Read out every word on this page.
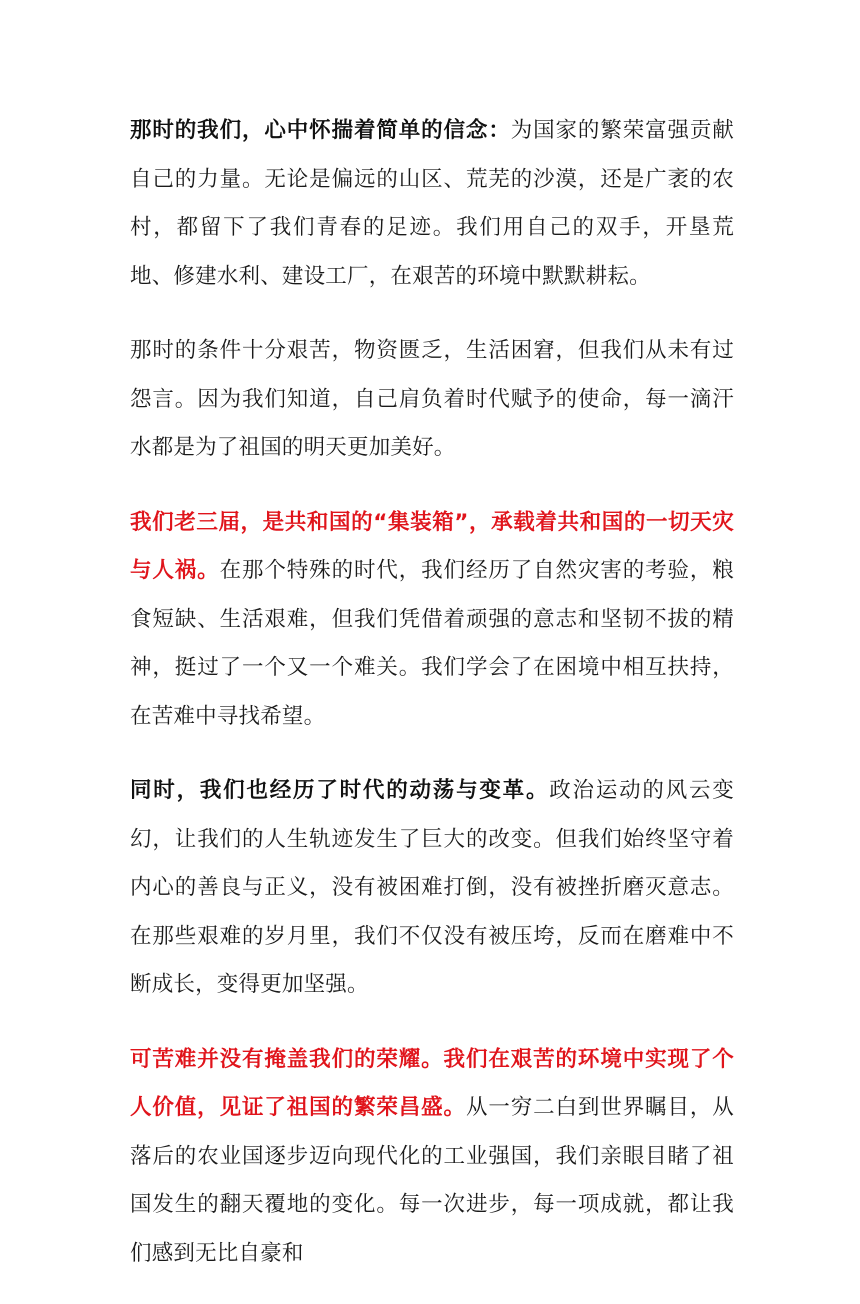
那时的我们，心中怀揣着简单的信念：为国家的繁荣富强贡献自己的力量。无论是偏远的山区、荒芜的沙漠，还是广袤的农村，都留下了我们青春的足迹。我们用自己的双手，开垦荒地、修建水利、建设工厂，在艰苦的环境中默默耕耘。

那时的条件十分艰苦，物资匮乏，生活困窘，但我们从未有过怨言。因为我们知道，自己肩负着时代赋予的使命，每一滴汗水都是为了祖国的明天更加美好。

我们老三届，是共和国的“集装箱”，承载着共和国的一切天灾与人祸。在那个特殊的时代，我们经历了自然灾害的考验，粮食短缺、生活艰难，但我们凭借着顽强的意志和坚韧不拔的精神，挺过了一个又一个难关。我们学会了在困境中相互扶持，在苦难中寻找希望。

同时，我们也经历了时代的动荡与变革。政治运动的风云变幻，让我们的人生轨迹发生了巨大的改变。但我们始终坚守着内心的善良与正义，没有被困难打倒，没有被挫折磨灭意志。在那些艰难的岁月里，我们不仅没有被压垮，反而在磨难中不断成长，变得更加坚强。

可苦难并没有掩盖我们的荣耀。我们在艰苦的环境中实现了个人价值，见证了祖国的繁荣昌盛。从一穷二白到世界瞩目，从落后的农业国逐步迈向现代化的工业强国，我们亲眼目睹了祖国发生的翻天覆地的变化。每一次进步，每一项成就，都让我们感到无比自豪和
